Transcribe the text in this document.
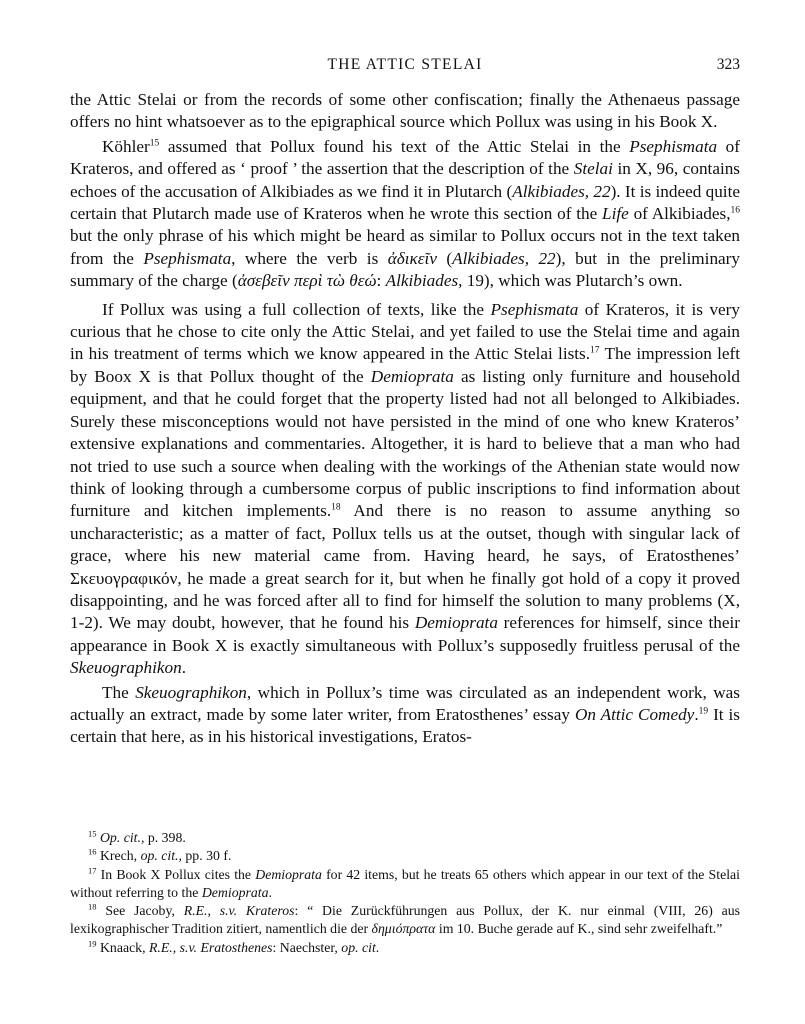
THE ATTIC STELAI	323

the Attic Stelai or from the records of some other confiscation; finally the Athenaeus passage offers no hint whatsoever as to the epigraphical source which Pollux was using in his Book X.

Köhler$^{15}$ assumed that Pollux found his text of the Attic Stelai in the Psephismata of Krateros, and offered as ‘ proof ’ the assertion that the description of the Stelai in X, 96, contains echoes of the accusation of Alkibiades as we find it in Plutarch (Alkibiades, 22). It is indeed quite certain that Plutarch made use of Krateros when he wrote this section of the Life of Alkibiades,$^{16}$ but the only phrase of his which might be heard as similar to Pollux occurs not in the text taken from the Psephismata, where the verb is ἀδικεῖν (Alkibiades, 22), but in the preliminary summary of the charge (ἀσεβεῖν περὶ τὼ θεώ: Alkibiades, 19), which was Plutarch’s own.

If Pollux was using a full collection of texts, like the Psephismata of Krateros, it is very curious that he chose to cite only the Attic Stelai, and yet failed to use the Stelai time and again in his treatment of terms which we know appeared in the Attic Stelai lists.$^{17}$ The impression left by Boox X is that Pollux thought of the Demioprata as listing only furniture and household equipment, and that he could forget that the property listed had not all belonged to Alkibiades. Surely these misconceptions would not have persisted in the mind of one who knew Krateros’ extensive explanations and commentaries. Altogether, it is hard to believe that a man who had not tried to use such a source when dealing with the workings of the Athenian state would now think of looking through a cumbersome corpus of public inscriptions to find information about furniture and kitchen implements.$^{18}$ And there is no reason to assume anything so uncharacteristic; as a matter of fact, Pollux tells us at the outset, though with singular lack of grace, where his new material came from. Having heard, he says, of Eratosthenes’ Σκευογραφικόν, he made a great search for it, but when he finally got hold of a copy it proved disappointing, and he was forced after all to find for himself the solution to many problems (X, 1-2). We may doubt, however, that he found his Demioprata references for himself, since their appearance in Book X is exactly simultaneous with Pollux’s supposedly fruitless perusal of the Skeuographikon.

The Skeuographikon, which in Pollux’s time was circulated as an independent work, was actually an extract, made by some later writer, from Eratosthenes’ essay On Attic Comedy.$^{19}$ It is certain that here, as in his historical investigations, Eratos-

$^{15}$ Op. cit., p. 398.

$^{16}$ Krech, op. cit., pp. 30 f.

$^{17}$ In Book X Pollux cites the Demioprata for 42 items, but he treats 65 others which appear in our text of the Stelai without referring to the Demioprata.

$^{18}$ See Jacoby, R.E., s.v. Krateros: “ Die Zurückführungen aus Pollux, der K. nur einmal (VIII, 26) aus lexikographischer Tradition zitiert, namentlich die der δημιόπρατα im 10. Buche gerade auf K., sind sehr zweifelhaft.”

$^{19}$ Knaack, R.E., s.v. Eratosthenes: Naechster, op. cit.
